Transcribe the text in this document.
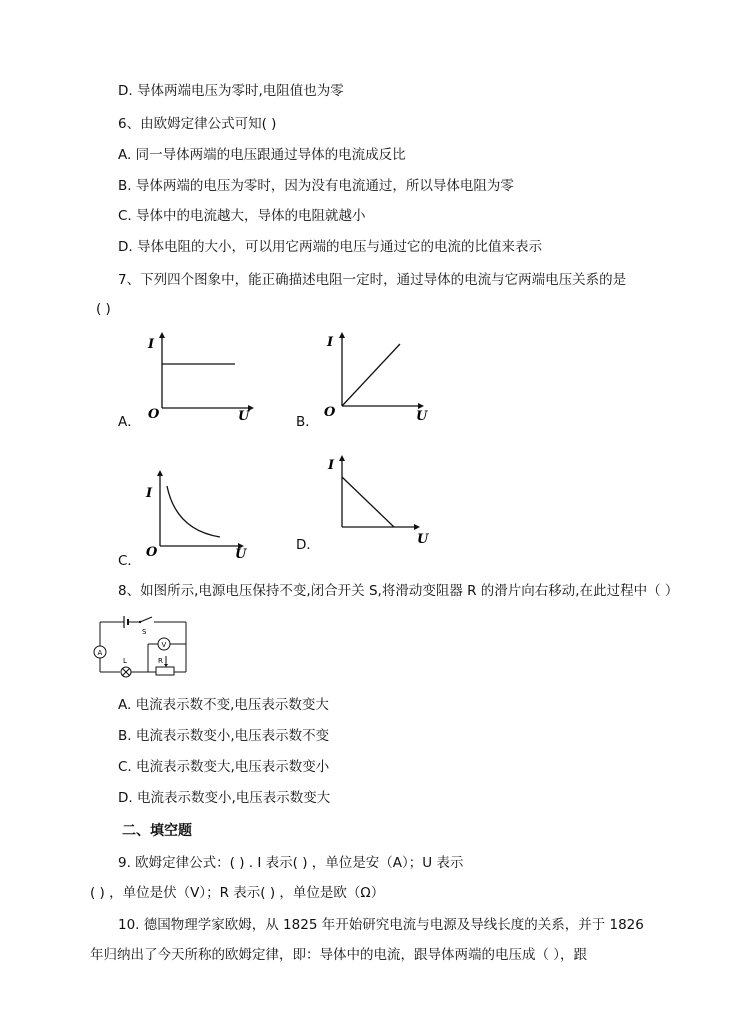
D. 导体两端电压为零时,电阻值也为零
6、由欧姆定律公式可知( )
A. 同一导体两端的电压跟通过导体的电流成反比
B. 导体两端的电压为零时，因为没有电流通过，所以导体电阻为零
C. 导体中的电流越大，导体的电阻就越小
D. 导体电阻的大小，可以用它两端的电压与通过它的电流的比值来表示
7、下列四个图象中，能正确描述电阻一定时，通过导体的电流与它两端电压关系的是
( )
A．
I
O	U	B．
I
O	U
C．
I
O	U
D．
I
U
8、如图所示,电源电压保持不变,闭合开关 S,将滑动变阻器 R 的滑片向右移动,在此过程中（ ）
S
A
L
V
R
A. 电流表示数不变,电压表示数变大
B. 电流表示数变小,电压表示数不变
C. 电流表示数变大,电压表示数变小
D. 电流表示数变小,电压表示数变大
二、填空题
9. 欧姆定律公式：( ) . I 表示( ) ，单位是安（A）；U 表示
( ) ，单位是伏（V）；R 表示( ) ，单位是欧（Ω）
10. 德国物理学家欧姆，从 1825 年开始研究电流与电源及导线长度的关系，并于 1826
年归纳出了今天所称的欧姆定律，即：导体中的电流，跟导体两端的电压成（ ），跟
